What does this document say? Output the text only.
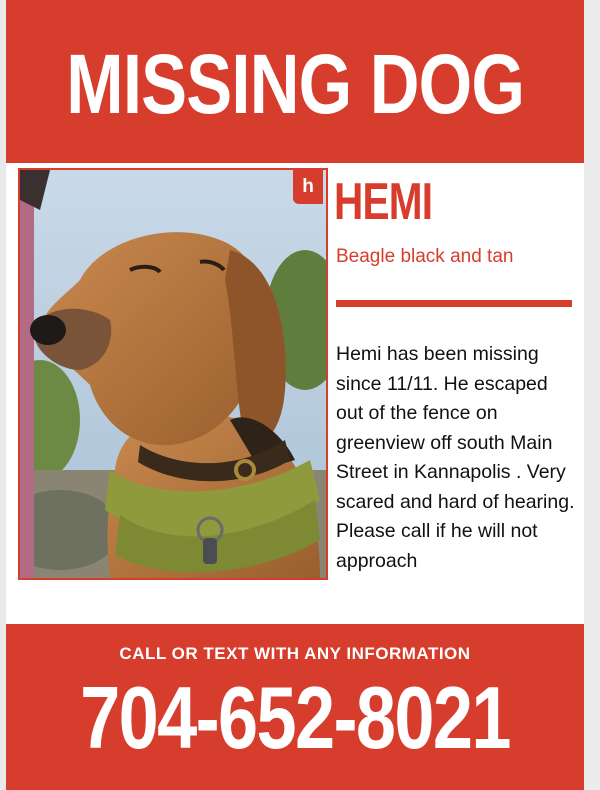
MISSING DOG
h HEMI
Beagle black and tan
Hemi has been missing since 11/11. He escaped out of the fence on greenview off south Main Street in Kannapolis . Very scared and hard of hearing. Please call if he will not approach
CALL OR TEXT WITH ANY INFORMATION
704-652-8021
